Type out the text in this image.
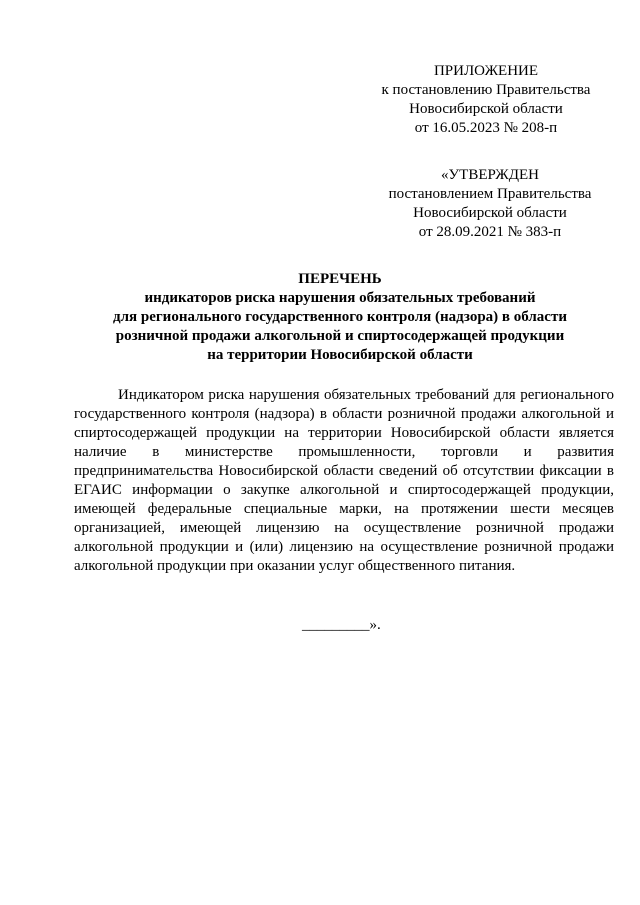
ПРИЛОЖЕНИЕ
к постановлению Правительства
Новосибирской области
от 16.05.2023 № 208-п
«УТВЕРЖДЕН
постановлением Правительства
Новосибирской области
от 28.09.2021 № 383-п
ПЕРЕЧЕНЬ
индикаторов риска нарушения обязательных требований
для регионального государственного контроля (надзора) в области
розничной продажи алкогольной и спиртосодержащей продукции
на территории Новосибирской области
Индикатором риска нарушения обязательных требований для регионального государственного контроля (надзора) в области розничной продажи алкогольной и спиртосодержащей продукции на территории Новосибирской области является наличие в министерстве промышленности, торговли и развития предпринимательства Новосибирской области сведений об отсутствии фиксации в ЕГАИС информации о закупке алкогольной и спиртосодержащей продукции, имеющей федеральные специальные марки, на протяжении шести месяцев организацией, имеющей лицензию на осуществление розничной продажи алкогольной продукции и (или) лицензию на осуществление розничной продажи алкогольной продукции при оказании услуг общественного питания.
_________».
